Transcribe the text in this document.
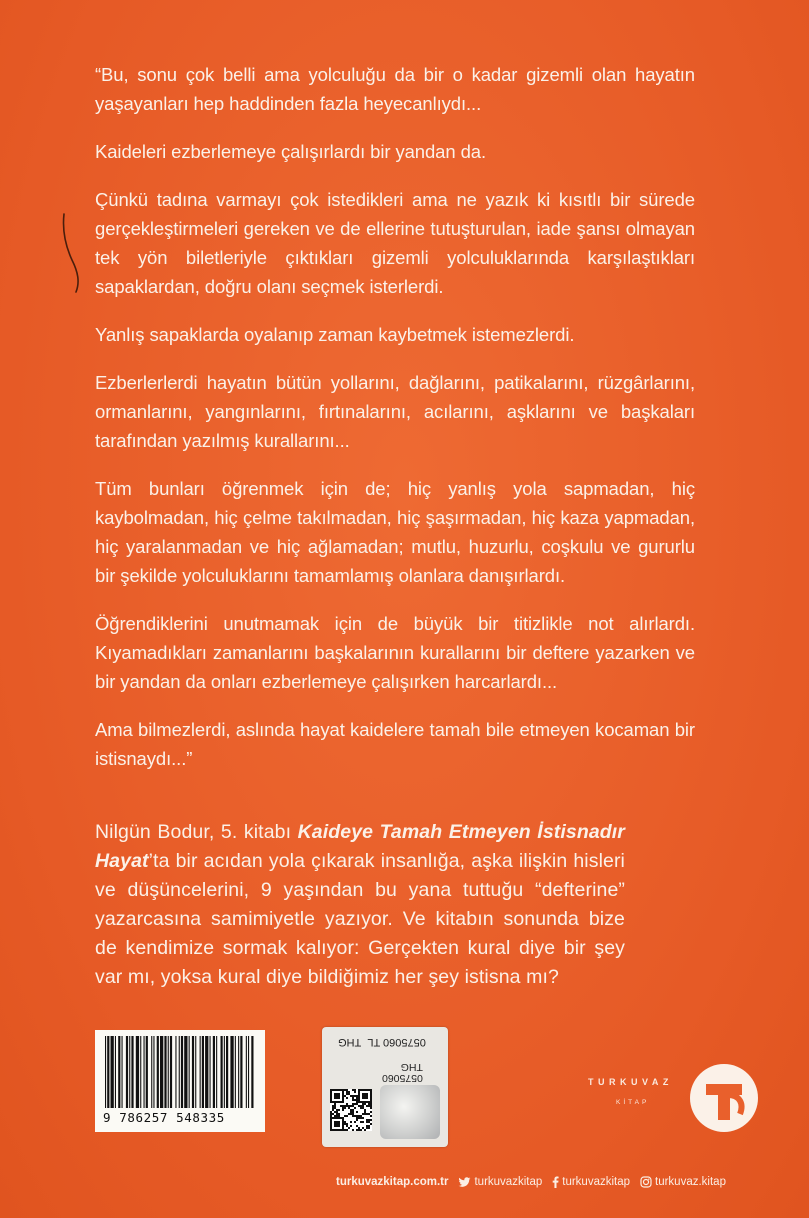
“Bu, sonu çok belli ama yolculuğu da bir o kadar gizemli olan hayatın yaşayanları hep haddinden fazla heyecanlıydı...

Kaideleri ezberlemeye çalışırlardı bir yandan da.

Çünkü tadına varmayı çok istedikleri ama ne yazık ki kısıtlı bir sürede gerçekleştirmeleri gereken ve de ellerine tutuşturulan, iade şansı olmayan tek yön biletleriyle çıktıkları gizemli yolculuklarında karşılaştıkları sapaklardan, doğru olanı seçmek isterlerdi.

Yanlış sapaklarda oyalanıp zaman kaybetmek istemezlerdi.

Ezberlerlerdi hayatın bütün yollarını, dağlarını, patikalarını, rüzgârlarını, ormanlarını, yangınlarını, fırtınalarını, acılarını, aşklarını ve başkaları tarafından yazılmış kurallarını...

Tüm bunları öğrenmek için de; hiç yanlış yola sapmadan, hiç kaybolmadan, hiç çelme takılmadan, hiç şaşırmadan, hiç kaza yapmadan, hiç yaralanmadan ve hiç ağlamadan; mutlu, huzurlu, coşkulu ve gururlu bir şekilde yolculuklarını tamamlamış olanlara danışırlardı.

Öğrendiklerini unutmamak için de büyük bir titizlikle not alırlardı. Kıyamadıkları zamanlarını başkalarının kurallarını bir deftere yazarken ve bir yandan da onları ezberlemeye çalışırken harcarlardı...

Ama bilmezlerdi, aslında hayat kaidelere tamah bile etmeyen kocaman bir istisnaydı...”

Nilgün Bodur, 5. kitabı Kaideye Tamah Etmeyen İstisnadır Hayat’ta bir acıdan yola çıkarak insanlığa, aşka ilişkin hisleri ve düşüncelerini, 9 yaşından bu yana tuttuğu “defterine” yazarcasına samimiyetle yazıyor. Ve kitabın sonunda bize de kendimize sormak kalıyor: Gerçekten kural diye bir şey var mı, yoksa kural diye bildiğimiz her şey istisna mı?

9 786257 548335
0575060 TL  THG
0575060
THG
TURKUVAZ
KİTAP
turkuvazkitap.com.tr turkuvazkitap turkuvazkitap turkuvaz.kitap
